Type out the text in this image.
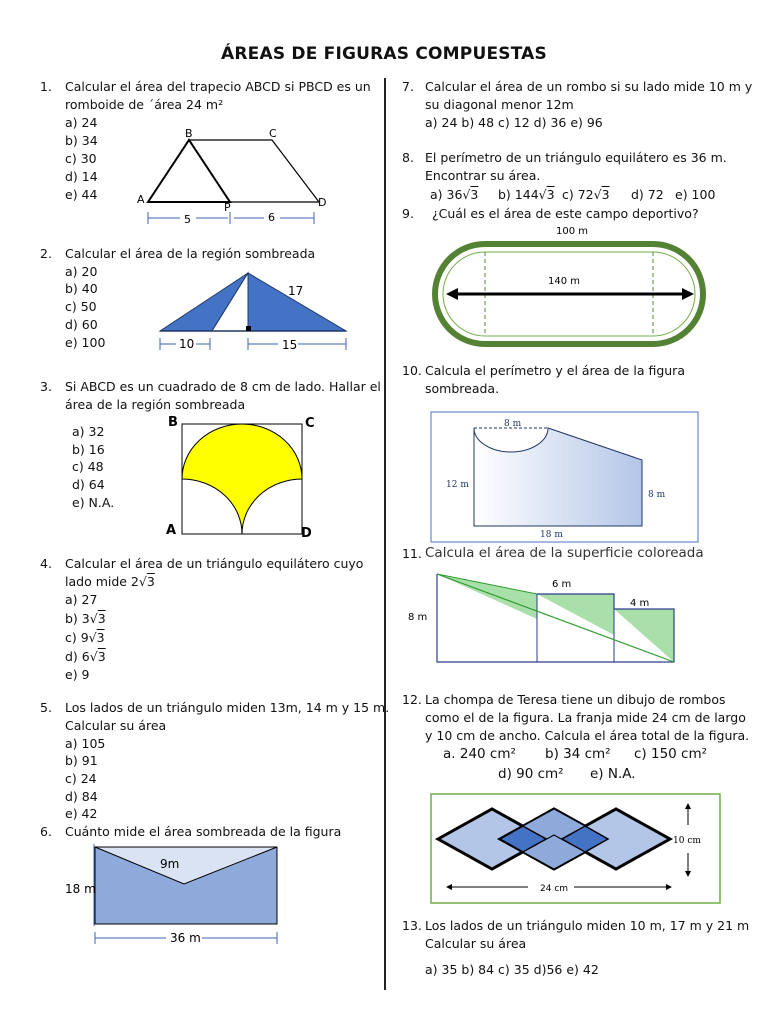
ÁREAS DE FIGURAS COMPUESTAS
1. Calcular el área del trapecio ABCD si PBCD es un
romboide de ´área 24 m²
a) 24
b) 34
c) 30
d) 14
e) 44
B	C
A
P	D
5	6
2. Calcular el área de la región sombreada
a) 20
b) 40
c) 50
d) 60
e) 100
17
10	15
3. Si ABCD es un cuadrado de 8 cm de lado. Hallar el
área de la región sombreada
a) 32
b) 16
c) 48
d) 64
e) N.A.
B	C
A	D
4. Calcular el área de un triángulo equilátero cuyo
lado mide 2√3
a) 27
b) 3√3
c) 9√3
d) 6√3
e) 9
5. Los lados de un triángulo miden 13m, 14 m y 15 m.
Calcular su área
a) 105
b) 91
c) 24
d) 84
e) 42
6. Cuánto mide el área sombreada de la figura
9m
18 m
36 m
7. Calcular el área de un rombo si su lado mide 10 m y
su diagonal menor 12m
a) 24 b) 48 c) 12 d) 36 e) 96
8. El perímetro de un triángulo equilátero es 36 m.
Encontrar su área.
a) 36√3 b) 144√3 c) 72√3 d) 72 e) 100
9. ¿Cuál es el área de este campo deportivo?
100 m
140 m
10. Calcula el perímetro y el área de la figura
sombreada.
8 m
12 m
8 m
18 m
11. Calcula el área de la superficie coloreada
8 m
6 m
4 m
12. La chompa de Teresa tiene un dibujo de rombos
como el de la figura. La franja mide 24 cm de largo
y 10 cm de ancho. Calcula el área total de la figura.
a. 240 cm² b) 34 cm² c) 150 cm²
d) 90 cm² e) N.A.
10 cm
24 cm
13. Los lados de un triángulo miden 10 m, 17 m y 21 m
Calcular su área
a) 35 b) 84 c) 35 d)56 e) 42
